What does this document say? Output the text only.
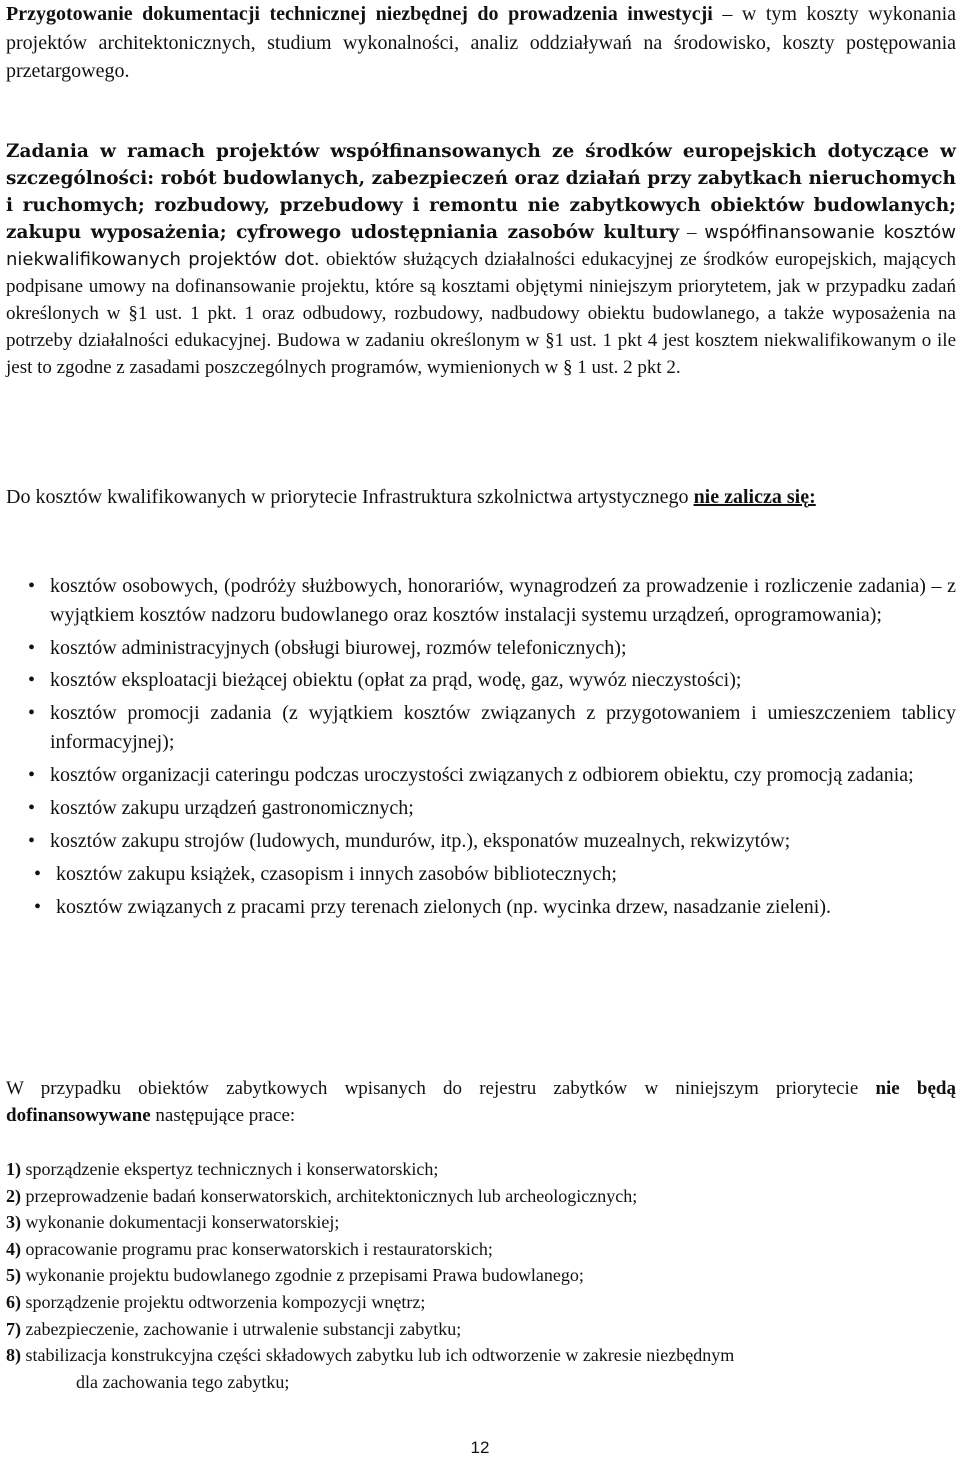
Przygotowanie dokumentacji technicznej niezbędnej do prowadzenia inwestycji – w tym koszty wykonania projektów architektonicznych, studium wykonalności, analiz oddziaływań na środowisko, koszty postępowania przetargowego.

Zadania w ramach projektów współfinansowanych ze środków europejskich dotyczące w szczególności: robót budowlanych, zabezpieczeń oraz działań przy zabytkach nieruchomych i ruchomych; rozbudowy, przebudowy i remontu nie zabytkowych obiektów budowlanych; zakupu wyposażenia; cyfrowego udostępniania zasobów kultury – współfinansowanie kosztów niekwalifikowanych projektów dot. obiektów służących działalności edukacyjnej ze środków europejskich, mających podpisane umowy na dofinansowanie projektu, które są kosztami objętymi niniejszym priorytetem, jak w przypadku zadań określonych w §1 ust. 1 pkt. 1 oraz odbudowy, rozbudowy, nadbudowy obiektu budowlanego, a także wyposażenia na potrzeby działalności edukacyjnej. Budowa w zadaniu określonym w §1 ust. 1 pkt 4 jest kosztem niekwalifikowanym o ile jest to zgodne z zasadami poszczególnych programów, wymienionych w § 1 ust. 2 pkt 2.

Do kosztów kwalifikowanych w priorytecie Infrastruktura szkolnictwa artystycznego nie zalicza się:

• kosztów osobowych, (podróży służbowych, honorariów, wynagrodzeń za prowadzenie i rozliczenie zadania) – z wyjątkiem kosztów nadzoru budowlanego oraz kosztów instalacji systemu urządzeń, oprogramowania);
• kosztów administracyjnych (obsługi biurowej, rozmów telefonicznych);
• kosztów eksploatacji bieżącej obiektu (opłat za prąd, wodę, gaz, wywóz nieczystości);
• kosztów promocji zadania (z wyjątkiem kosztów związanych z przygotowaniem i umieszczeniem tablicy informacyjnej);
• kosztów organizacji cateringu podczas uroczystości związanych z odbiorem obiektu, czy promocją zadania;
• kosztów zakupu urządzeń gastronomicznych;
• kosztów zakupu strojów (ludowych, mundurów, itp.), eksponatów muzealnych, rekwizytów;
• kosztów zakupu książek, czasopism i innych zasobów bibliotecznych;
• kosztów związanych z pracami przy terenach zielonych (np. wycinka drzew, nasadzanie zieleni).

W przypadku obiektów zabytkowych wpisanych do rejestru zabytków w niniejszym priorytecie nie będą dofinansowywane następujące prace:

1) sporządzenie ekspertyz technicznych i konserwatorskich;
2) przeprowadzenie badań konserwatorskich, architektonicznych lub archeologicznych;
3) wykonanie dokumentacji konserwatorskiej;
4) opracowanie programu prac konserwatorskich i restauratorskich;
5) wykonanie projektu budowlanego zgodnie z przepisami Prawa budowlanego;
6) sporządzenie projektu odtworzenia kompozycji wnętrz;
7) zabezpieczenie, zachowanie i utrwalenie substancji zabytku;
8) stabilizacja konstrukcyjna części składowych zabytku lub ich odtworzenie w zakresie niezbędnym
dla zachowania tego zabytku;
12
